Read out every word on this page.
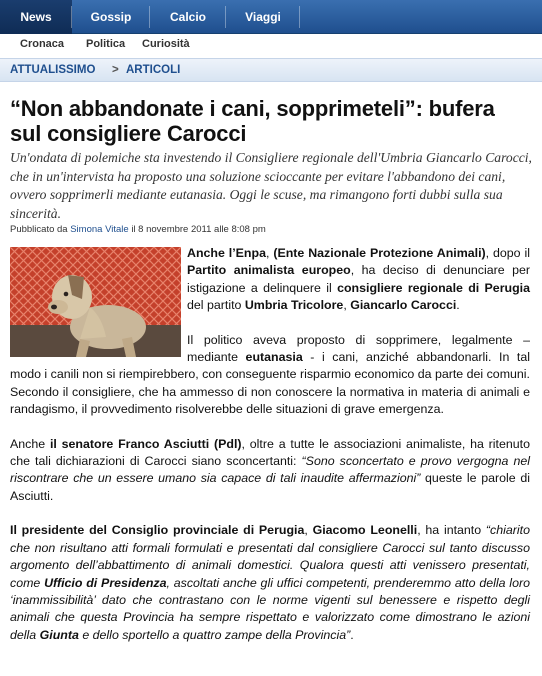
News	Gossip	Calcio	Viaggi
Cronaca Politica Curiosità
ATTUALISSIMO > ARTICOLI
“Non abbandonate i cani, sopprimeteli”: bufera sul consigliere Carocci
Un'ondata di polemiche sta investendo il Consigliere regionale dell'Umbria Giancarlo Carocci, che in un'intervista ha proposto una soluzione scioccante per evitare l'abbandono dei cani, ovvero sopprimerli mediante eutanasia. Oggi le scuse, ma rimangono forti dubbi sulla sua sincerità.
Pubblicato da Simona Vitale il 8 novembre 2011 alle 8:08 pm

Anche l’Enpa, (Ente Nazionale Protezione Animali), dopo il Partito animalista europeo, ha deciso di denunciare per istigazione a delinquere il consigliere regionale di Perugia del partito Umbria Tricolore, Giancarlo Carocci.

Il politico aveva proposto di sopprimere, legalmente – mediante eutanasia - i cani, anziché abbandonarli. In tal modo i canili non si riempirebbero, con conseguente risparmio economico da parte dei comuni. Secondo il consigliere, che ha ammesso di non conoscere la normativa in materia di animali e randagismo, il provvedimento risolverebbe delle situazioni di grave emergenza.

Anche il senatore Franco Asciutti (Pdl), oltre a tutte le associazioni animaliste, ha ritenuto che tali dichiarazioni di Carocci siano sconcertanti: “Sono sconcertato e provo vergogna nel riscontrare che un essere umano sia capace di tali inaudite affermazioni” queste le parole di Asciutti.

Il presidente del Consiglio provinciale di Perugia, Giacomo Leonelli, ha intanto “chiarito che non risultano atti formali formulati e presentati dal consigliere Carocci sul tanto discusso argomento dell’abbattimento di animali domestici. Qualora questi atti venissero presentati, come Ufficio di Presidenza, ascoltati anche gli uffici competenti, prenderemmo atto della loro ‘inammissibilità’ dato che contrastano con le norme vigenti sul benessere e rispetto degli animali che questa Provincia ha sempre rispettato e valorizzato come dimostrano le azioni della Giunta e dello sportello a quattro zampe della Provincia”.
